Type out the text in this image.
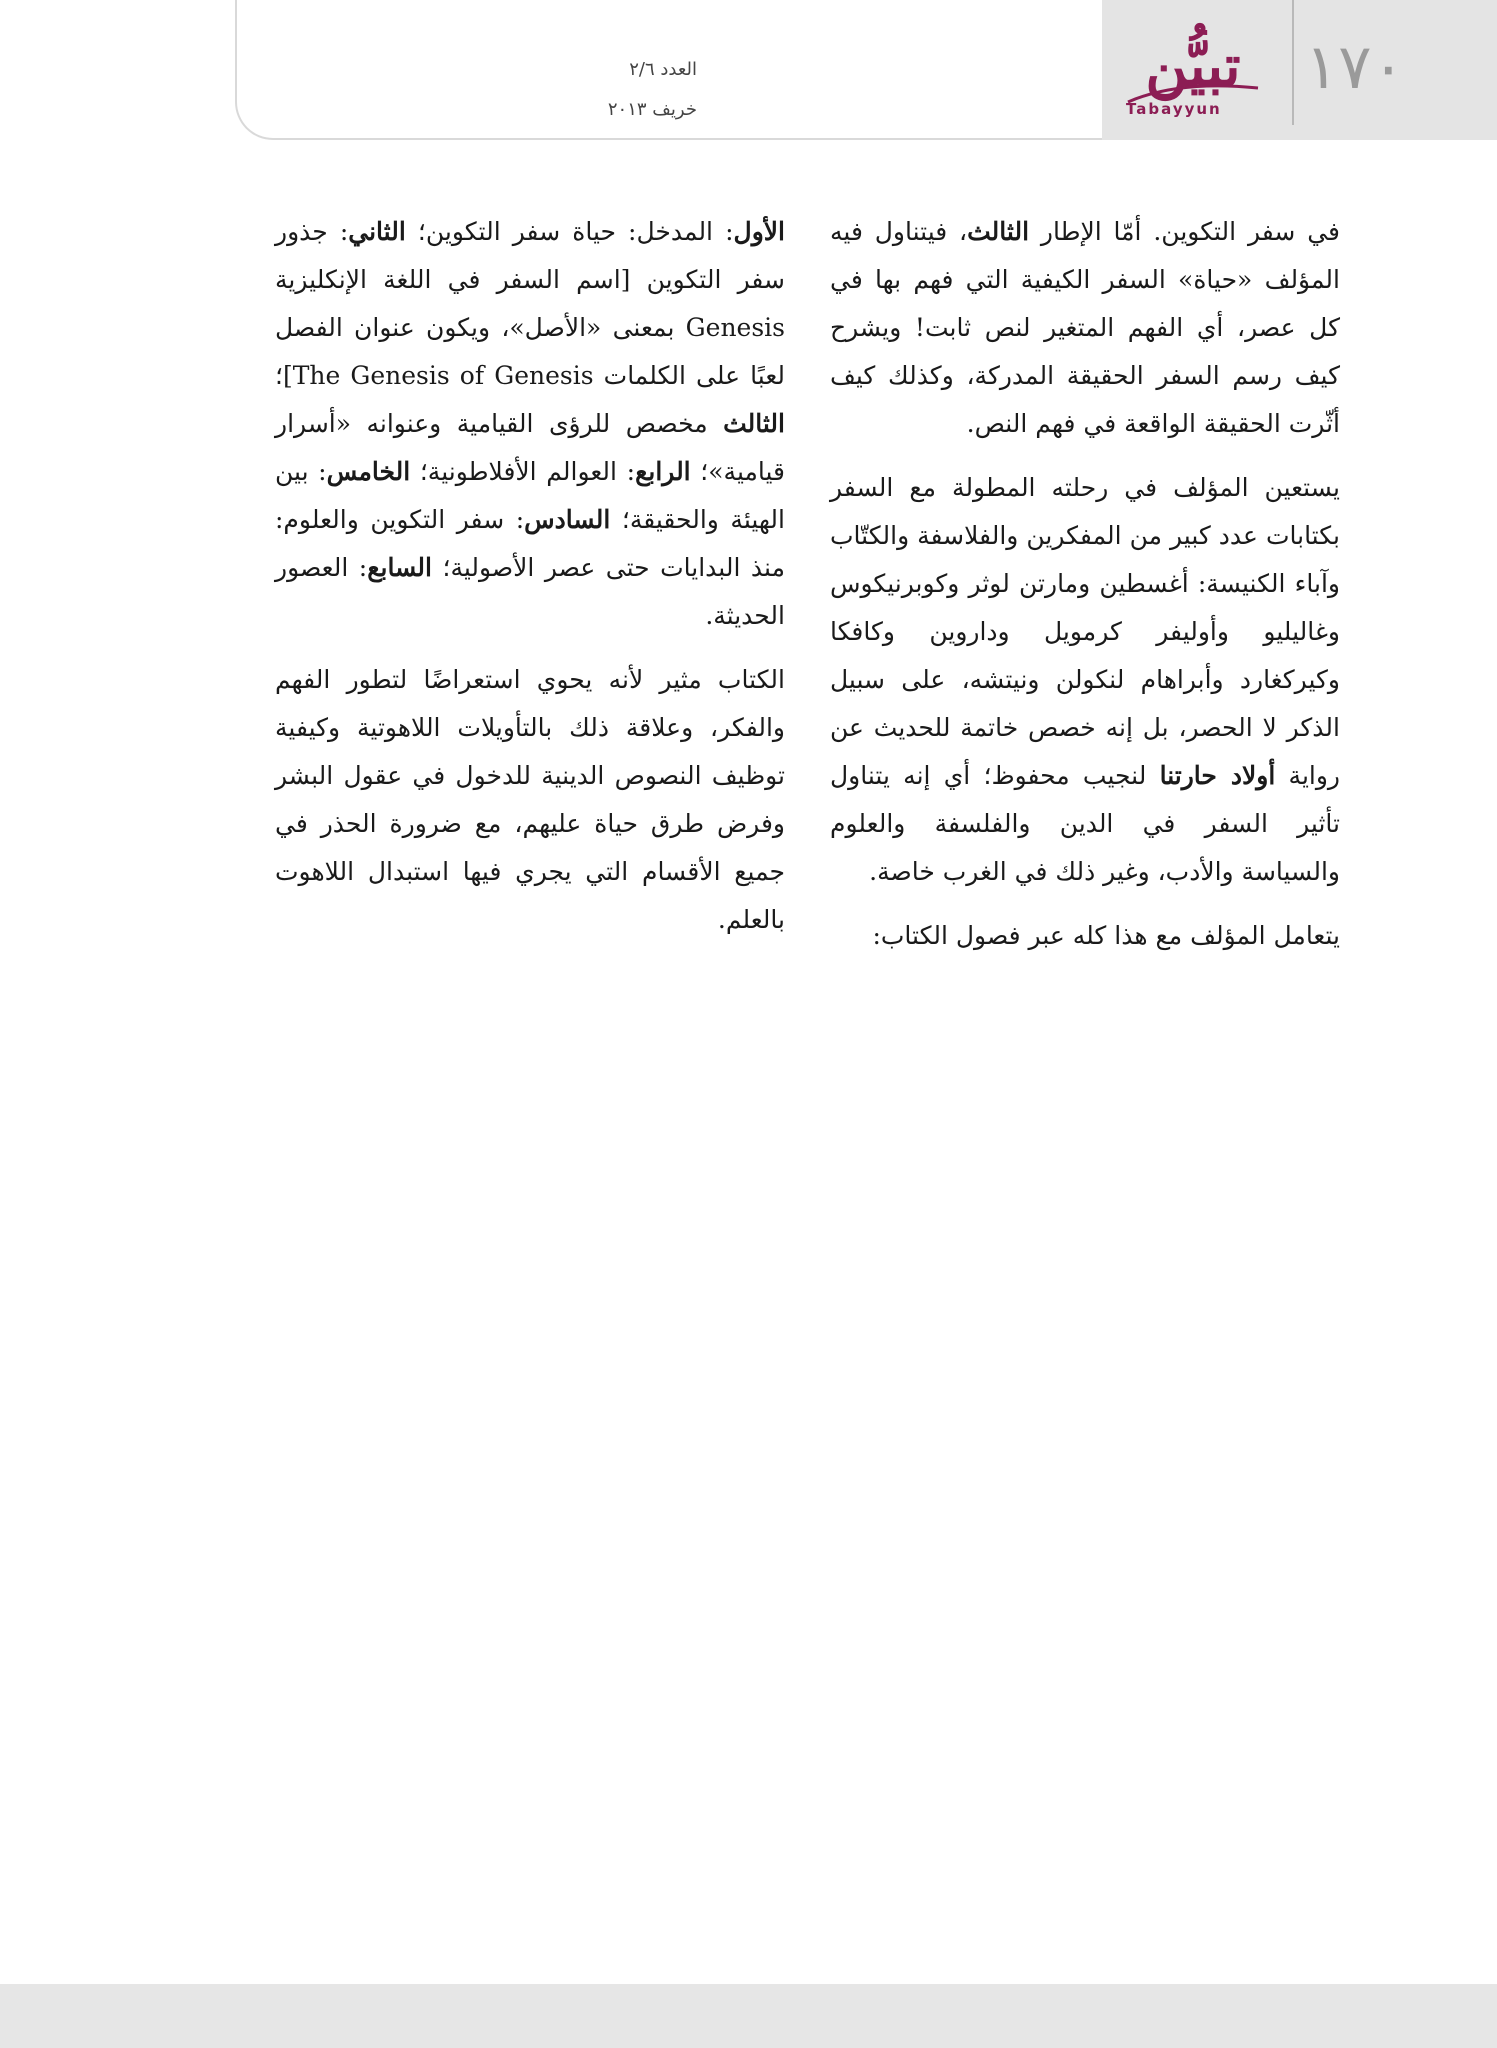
العدد ٢/٦
خريف ٢٠١٣
تبيُّن
Tabayyun
١٧٠

في سفر التكوين. أمّا الإطار الثالث، فيتناول فيه المؤلف «حياة» السفر الكيفية التي فهم بها في كل عصر، أي الفهم المتغير لنص ثابت! ويشرح كيف رسم السفر الحقيقة المدركة، وكذلك كيف أثّرت الحقيقة الواقعة في فهم النص.

يستعين المؤلف في رحلته المطولة مع السفر بكتابات عدد كبير من المفكرين والفلاسفة والكتّاب وآباء الكنيسة: أغسطين ومارتن لوثر وكوبرنيكوس وغاليليو وأوليفر كرمويل وداروين وكافكا وكيركغارد وأبراهام لنكولن ونيتشه، على سبيل الذكر لا الحصر، بل إنه خصص خاتمة للحديث عن رواية أولاد حارتنا لنجيب محفوظ؛ أي إنه يتناول تأثير السفر في الدين والفلسفة والعلوم والسياسة والأدب، وغير ذلك في الغرب خاصة.

يتعامل المؤلف مع هذا كله عبر فصول الكتاب:

الأول: المدخل: حياة سفر التكوين؛ الثاني: جذور سفر التكوين [اسم السفر في اللغة الإنكليزية Genesis بمعنى «الأصل»، ويكون عنوان الفصل لعبًا على الكلمات The Genesis of Genesis]؛ الثالث مخصص للرؤى القيامية وعنوانه «أسرار قيامية»؛ الرابع: العوالم الأفلاطونية؛ الخامس: بين الهيئة والحقيقة؛ السادس: سفر التكوين والعلوم: منذ البدايات حتى عصر الأصولية؛ السابع: العصور الحديثة.

الكتاب مثير لأنه يحوي استعراضًا لتطور الفهم والفكر، وعلاقة ذلك بالتأويلات اللاهوتية وكيفية توظيف النصوص الدينية للدخول في عقول البشر وفرض طرق حياة عليهم، مع ضرورة الحذر في جميع الأقسام التي يجري فيها استبدال اللاهوت بالعلم.
